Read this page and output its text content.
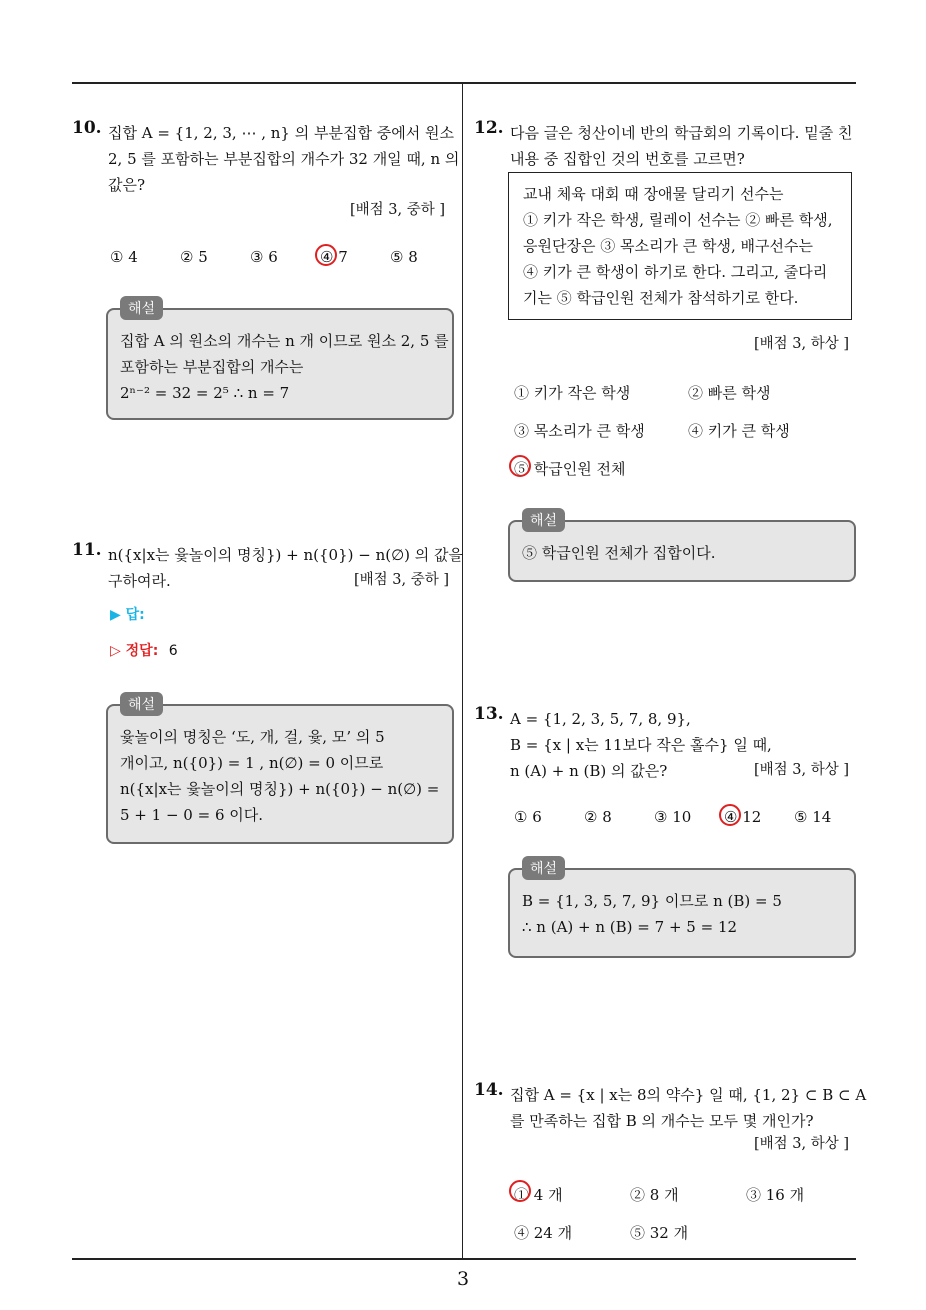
10. 집합 A = {1, 2, 3, ⋯ , n} 의 부분집합 중에서 원소
2, 5 를 포함하는 부분집합의 개수가 32 개일 때, n 의
값은?
[배점 3, 중하 ]
① 4	② 5	③ 6	④ 7	⑤ 8
해설
집합 A 의 원소의 개수는 n 개 이므로 원소 2, 5 를
포함하는 부분집합의 개수는
2ⁿ⁻² = 32 = 2⁵ ∴ n = 7
11. n({x|x는 윷놀이의 명칭}) + n({0}) − n(∅) 의 값을
구하여라.	[배점 3, 중하 ]
▶ 답:
▷ 정답: 6
해설
윷놀이의 명칭은 ‘도, 개, 걸, 윷, 모’ 의 5
개이고, n({0}) = 1 , n(∅) = 0 이므로
n({x|x는 윷놀이의 명칭}) + n({0}) − n(∅) =
5 + 1 − 0 = 6 이다.
12. 다음 글은 청산이네 반의 학급회의 기록이다. 밑줄 친
내용 중 집합인 것의 번호를 고르면?
교내 체육 대회 때 장애물 달리기 선수는
① 키가 작은 학생, 릴레이 선수는 ② 빠른 학생,
응원단장은 ③ 목소리가 큰 학생, 배구선수는
④ 키가 큰 학생이 하기로 한다. 그리고, 줄다리
기는 ⑤ 학급인원 전체가 참석하기로 한다.
[배점 3, 하상 ]
① 키가 작은 학생	② 빠른 학생
③ 목소리가 큰 학생	④ 키가 큰 학생
⑤ 학급인원 전체
해설
⑤ 학급인원 전체가 집합이다.
13. A = {1, 2, 3, 5, 7, 8, 9},
B = {x | x는 11보다 작은 홀수} 일 때,
n (A) + n (B) 의 값은?	[배점 3, 하상 ]
① 6	② 8	③ 10 ④ 12 ⑤ 14
해설
B = {1, 3, 5, 7, 9} 이므로 n (B) = 5
∴ n (A) + n (B) = 7 + 5 = 12
14. 집합 A = {x | x는 8의 약수} 일 때, {1, 2} ⊂ B ⊂ A
를 만족하는 집합 B 의 개수는 모두 몇 개인가?
[배점 3, 하상 ]
① 4 개	② 8 개	③ 16 개
④ 24 개	⑤ 32 개
3
